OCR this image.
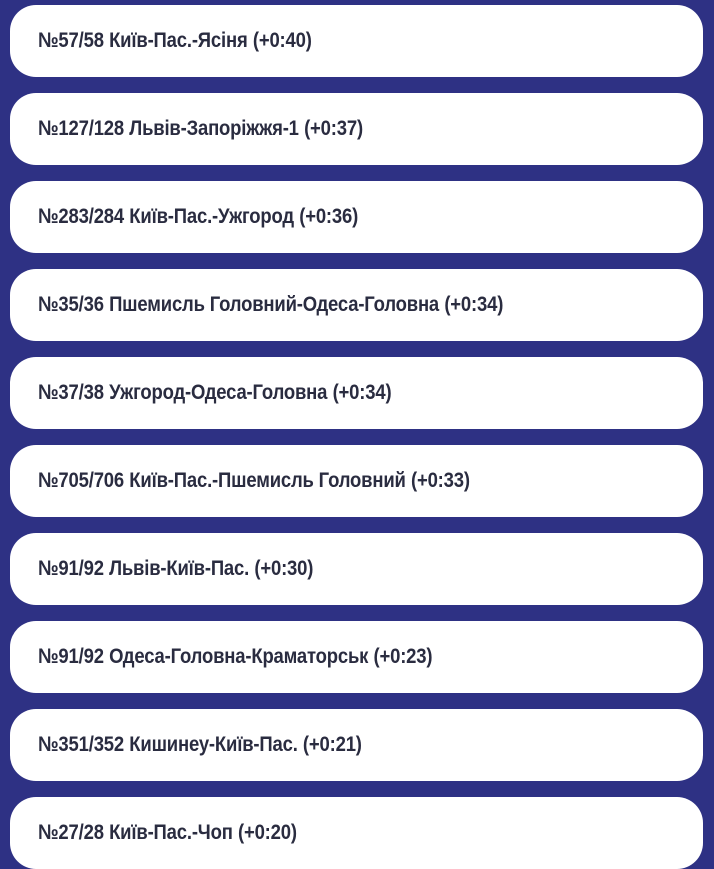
№57/58 Київ-Пас.-Ясіня (+0:40)
№127/128 Львів-Запоріжжя-1 (+0:37)
№283/284 Київ-Пас.-Ужгород (+0:36)
№35/36 Пшемисль Головний-Одеса-Головна (+0:34)
№37/38 Ужгород-Одеса-Головна (+0:34)
№705/706 Київ-Пас.-Пшемисль Головний (+0:33)
№91/92 Львів-Київ-Пас. (+0:30)
№91/92 Одеса-Головна-Краматорськ (+0:23)
№351/352 Кишинеу-Київ-Пас. (+0:21)
№27/28 Київ-Пас.-Чоп (+0:20)
